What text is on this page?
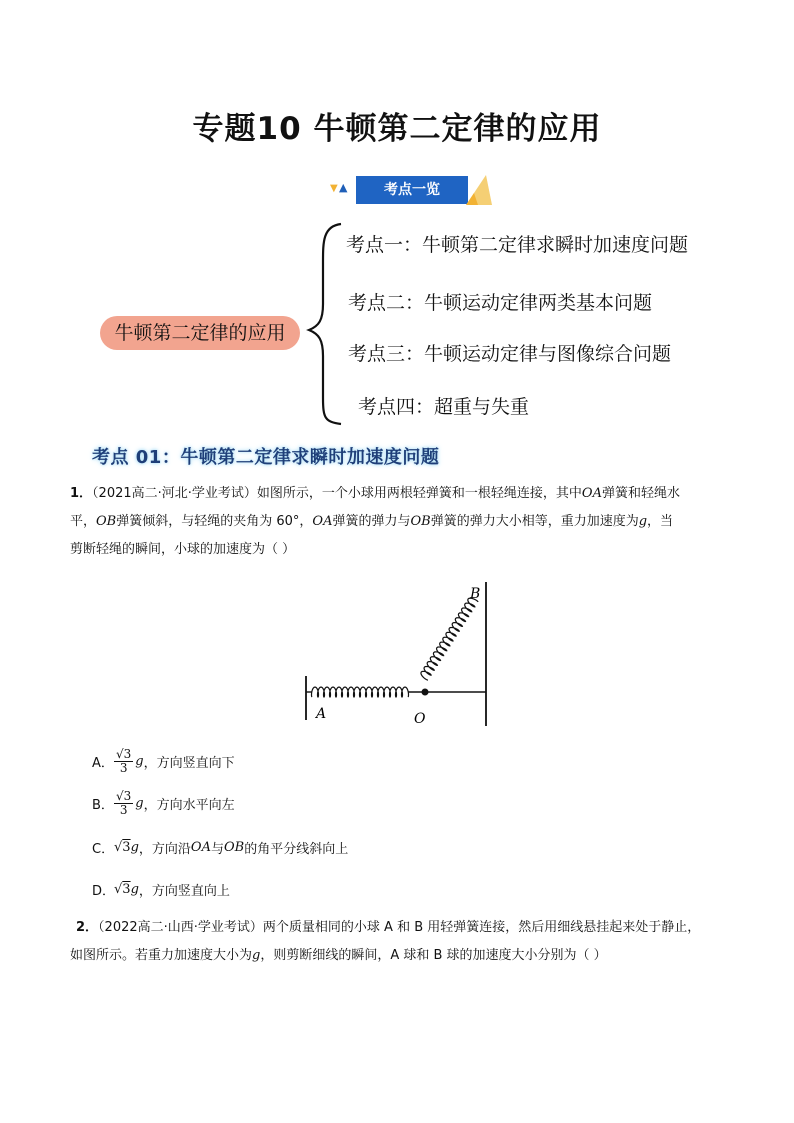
专题10 牛顿第二定律的应用
▼ ▲	考点一览
牛顿第二定律的应用
考点一：牛顿第二定律求瞬时加速度问题
考点二：牛顿运动定律两类基本问题
考点三：牛顿运动定律与图像综合问题
考点四：超重与失重
考点 01：牛顿第二定律求瞬时加速度问题
1．（2021高二·河北·学业考试）如图所示，一个小球用两根轻弹簧和一根轻绳连接，其中OA弹簧和轻绳水
平，OB弹簧倾斜，与轻绳的夹角为 60°，OA弹簧的弹力与OB弹簧的弹力大小相等，重力加速度为g，当
剪断轻绳的瞬间，小球的加速度为（ ）
A	O
B
A． $\frac{√3}{3}$ g ，方向竖直向下
B． $\frac{√3}{3}$ g ，方向水平向左
C． √3 g ，方向沿 OA 与 OB 的角平分线斜向上
D．
√3 g ，方向竖直向上
2．（2022高二·山西·学业考试）两个质量相同的小球 A 和 B 用轻弹簧连接，然后用细线悬挂起来处于静止，
如图所示。若重力加速度大小为g，则剪断细线的瞬间，A 球和 B 球的加速度大小分别为（ ）
